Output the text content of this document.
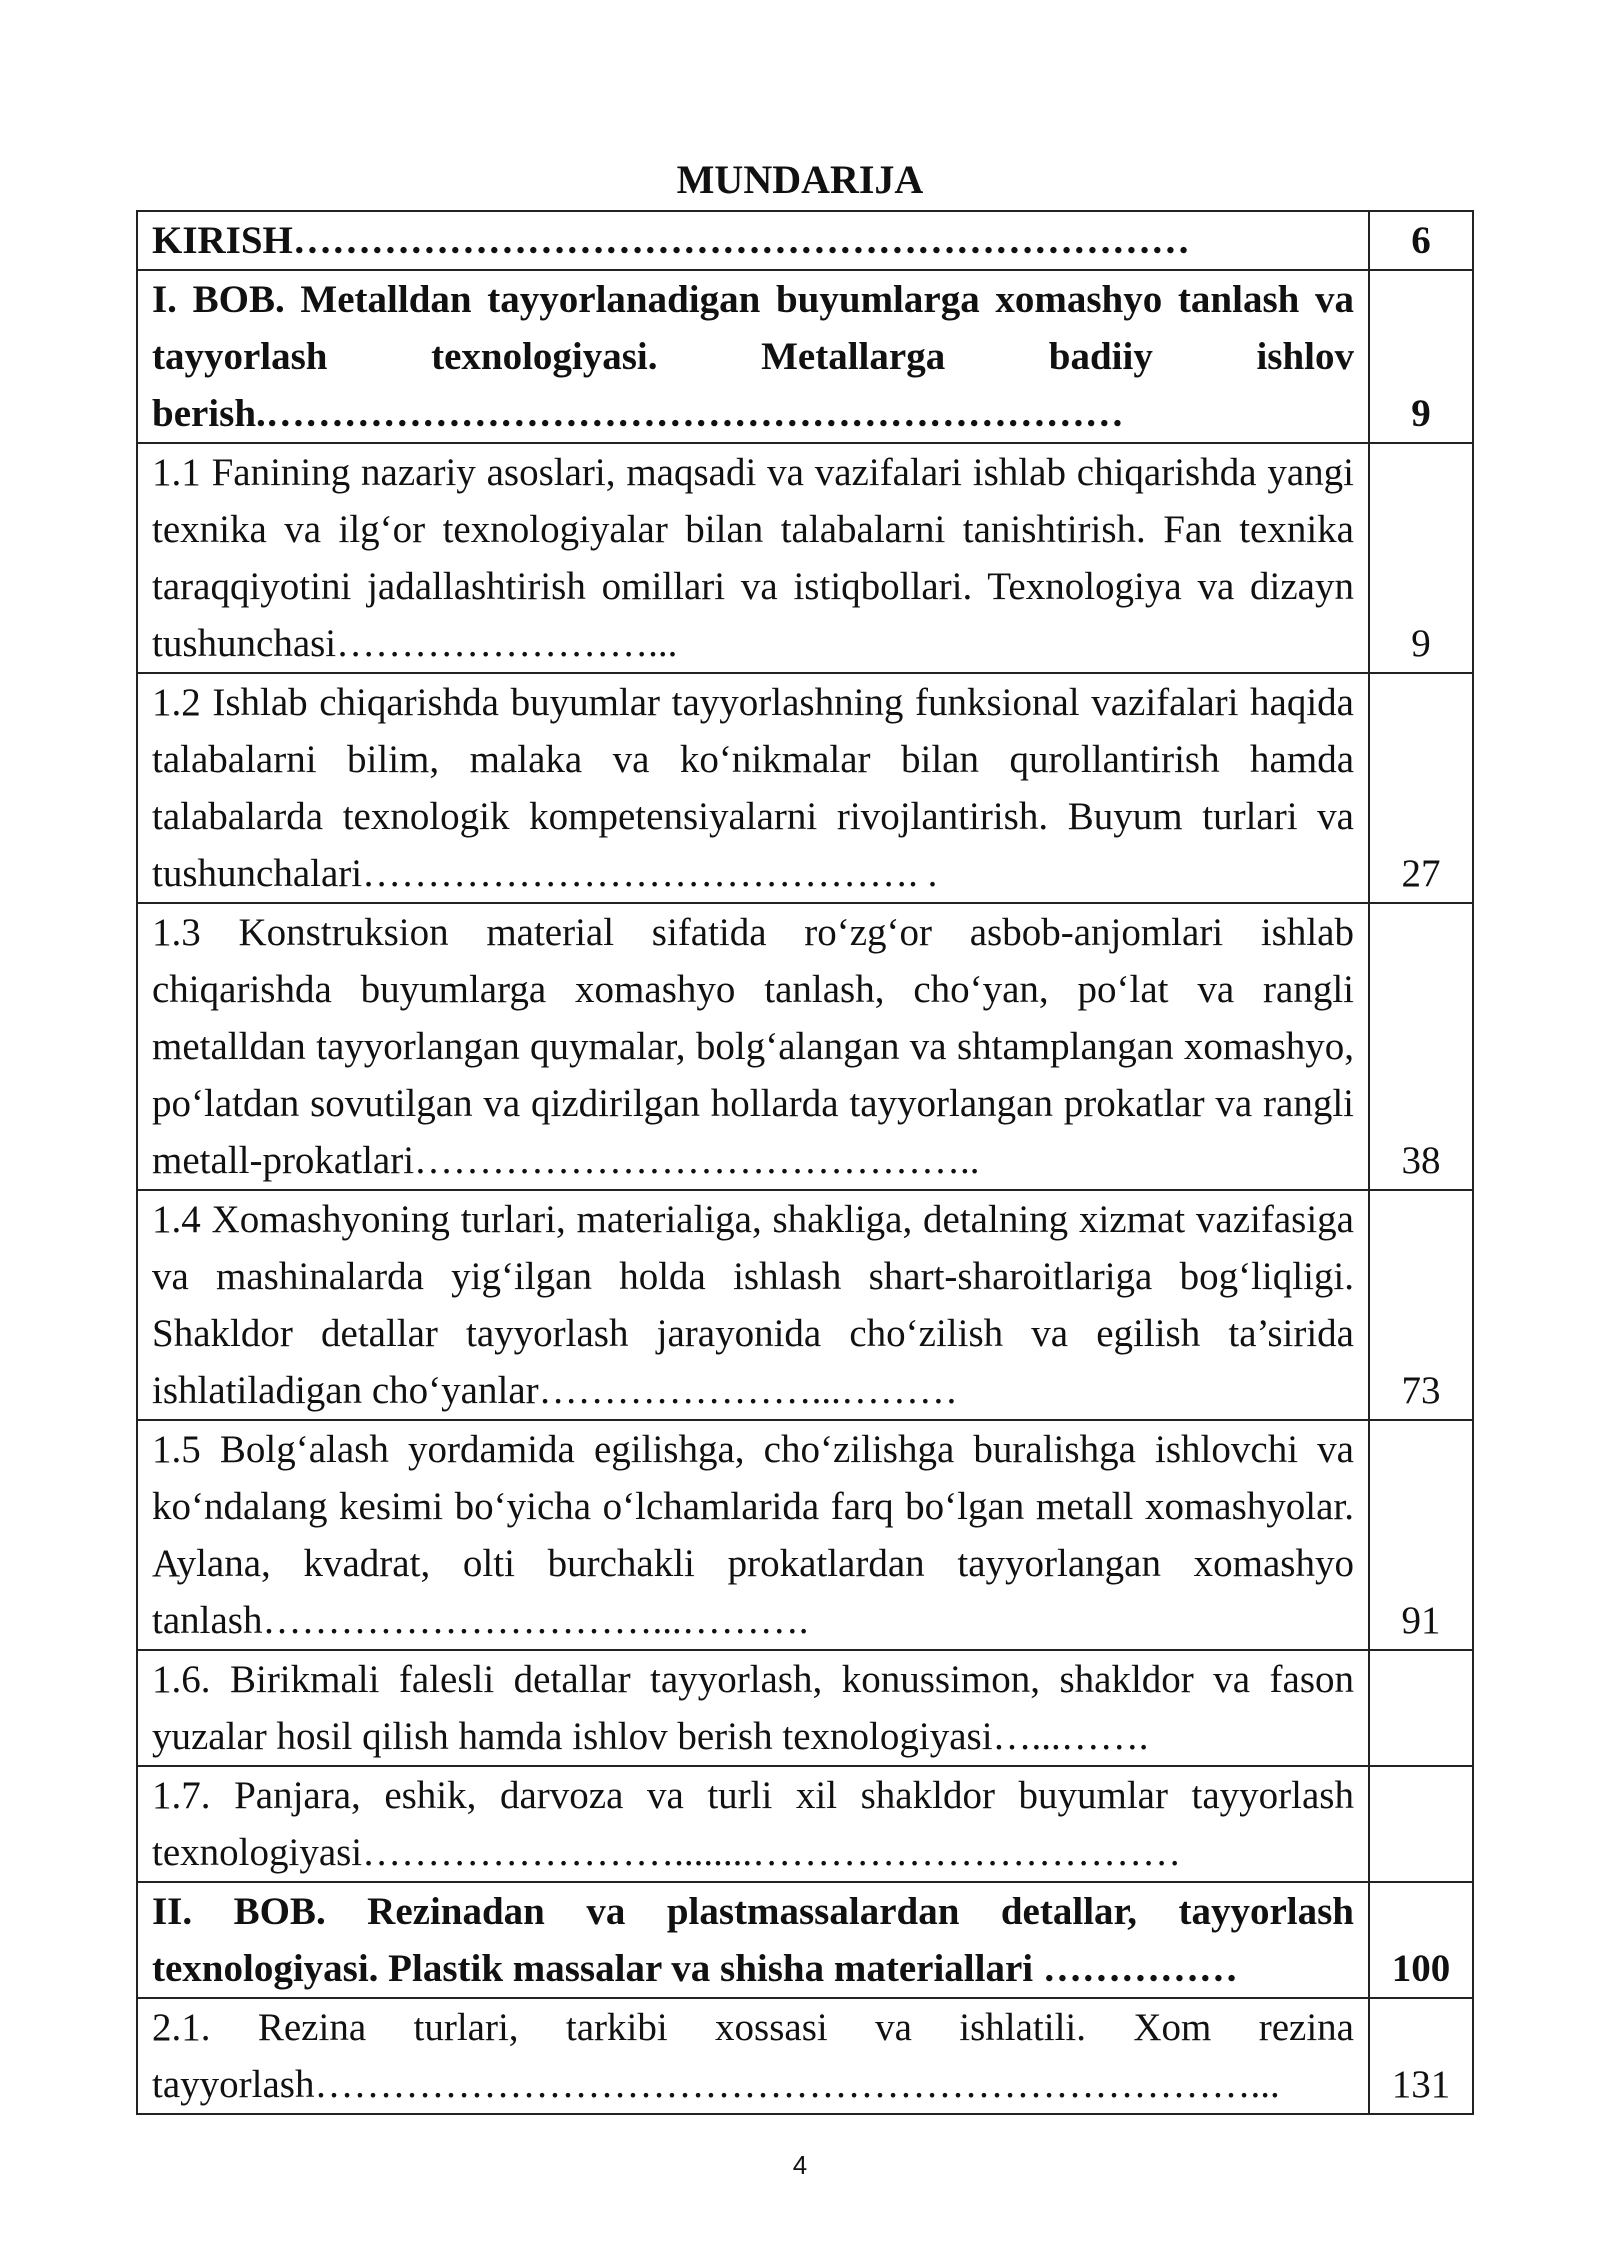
MUNDARIJA
KIRISH……………………………………………………………	6
I. BOB. Metalldan tayyorlanadigan buyumlarga xomashyo tanlash va tayyorlash texnologiyasi. Metallarga badiiy ishlov berish.…………………………………………………………	9
1.1 Fanining nazariy asoslari, maqsadi va vazifalari ishlab chiqarishda yangi texnika va ilg‘or texnologiyalar bilan talabalarni tanishtirish. Fan texnika taraqqiyotini jadallashtirish omillari va istiqbollari. Texnologiya va dizayn tushunchasi……………………...	9
1.2 Ishlab chiqarishda buyumlar tayyorlashning funksional vazifalari haqida talabalarni bilim, malaka va ko‘nikmalar bilan qurollantirish hamda talabalarda texnologik kompetensiyalarni rivojlantirish. Buyum turlari va tushunchalari……………………………………. .	27
1.3 Konstruksion material sifatida ro‘zg‘or asbob-anjomlari ishlab chiqarishda buyumlarga xomashyo tanlash, cho‘yan, po‘lat va rangli metalldan tayyorlangan quymalar, bolg‘alangan va shtamplangan xomashyo, po‘latdan sovutilgan va qizdirilgan hollarda tayyorlangan prokatlar va rangli metall-prokatlari……………………………………..	38
1.4 Xomashyoning turlari, materialiga, shakliga, detalning xizmat vazifasiga va mashinalarda yig‘ilgan holda ishlash shart-sharoitlariga bog‘liqligi. Shakldor detallar tayyorlash jarayonida cho‘zilish va egilish ta’sirida ishlatiladigan cho‘yanlar…………………...………	73
1.5 Bolg‘alash yordamida egilishga, cho‘zilishga buralishga ishlovchi va ko‘ndalang kesimi bo‘yicha o‘lchamlarida farq bo‘lgan metall xomashyolar. Aylana, kvadrat, olti burchakli prokatlardan tayyorlangan xomashyo tanlash…………………………...……….	91
1.6. Birikmali falesli detallar tayyorlash, konussimon, shakldor va fason yuzalar hosil qilish hamda ishlov berish texnologiyasi…...…….	
1.7. Panjara, eshik, darvoza va turli xil shakldor buyumlar tayyorlash texnologiyasi……………………........……………………………	
II. BOB. Rezinadan va plastmassalardan detallar, tayyorlash texnologiyasi. Plastik massalar va shisha materiallari ……………	100
2.1. Rezina turlari, tarkibi xossasi va ishlatili. Xom rezina tayyorlash………………………………………………………………...	131
4
